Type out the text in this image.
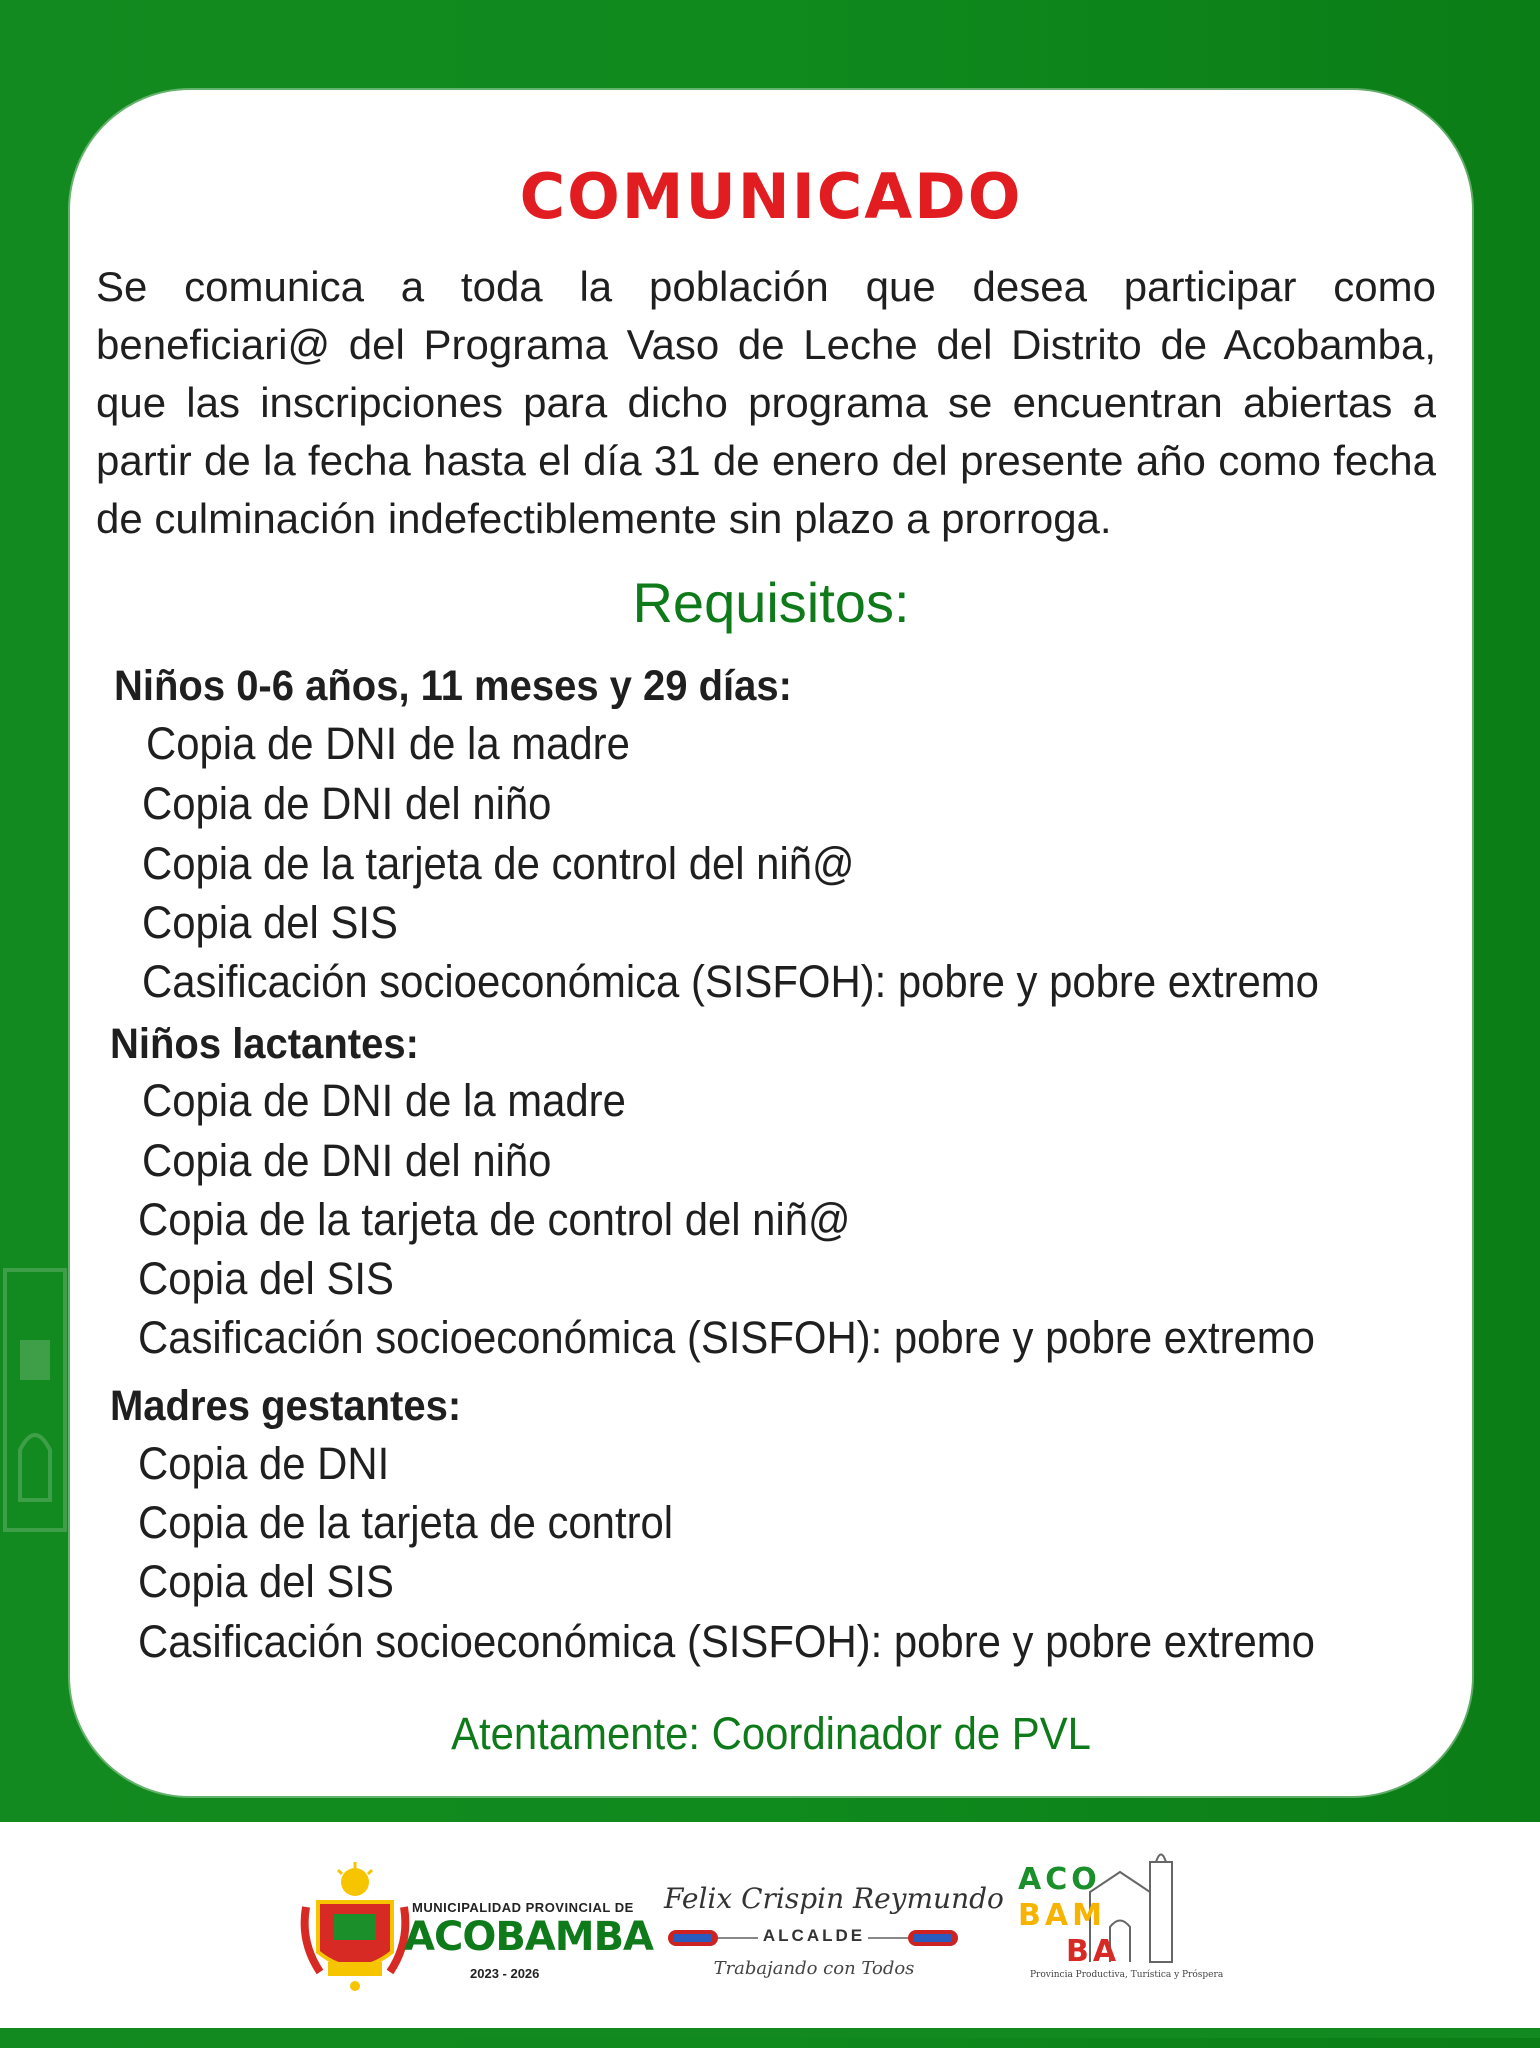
COMUNICADO
Se comunica a toda la población que desea participar como beneficiari@ del Programa Vaso de Leche del Distrito de Acobamba, que las inscripciones para dicho programa se encuentran abiertas a partir de la fecha hasta el día 31 de enero del presente año como fecha de culminación indefectiblemente sin plazo a prorroga.
Requisitos:
Niños 0-6 años, 11 meses y 29 días:
Copia de DNI de la madre
Copia de DNI del niño
Copia de la tarjeta de control del niñ@
Copia del SIS
Casificación socioeconómica (SISFOH): pobre y pobre extremo
Niños lactantes:
Copia de DNI de la madre
Copia de DNI del niño
Copia de la tarjeta de control del niñ@
Copia del SIS
Casificación socioeconómica (SISFOH): pobre y pobre extremo
Madres gestantes:
Copia de DNI
Copia de la tarjeta de control
Copia del SIS
Casificación socioeconómica (SISFOH): pobre y pobre extremo
Atentamente: Coordinador de PVL
MUNICIPALIDAD PROVINCIAL DE
ACOBAMBA
2023 - 2026
Felix Crispin Reymundo
ALCALDE
Trabajando con Todos
ACO
BAM
BA
Provincia Productiva, Turística y Próspera
